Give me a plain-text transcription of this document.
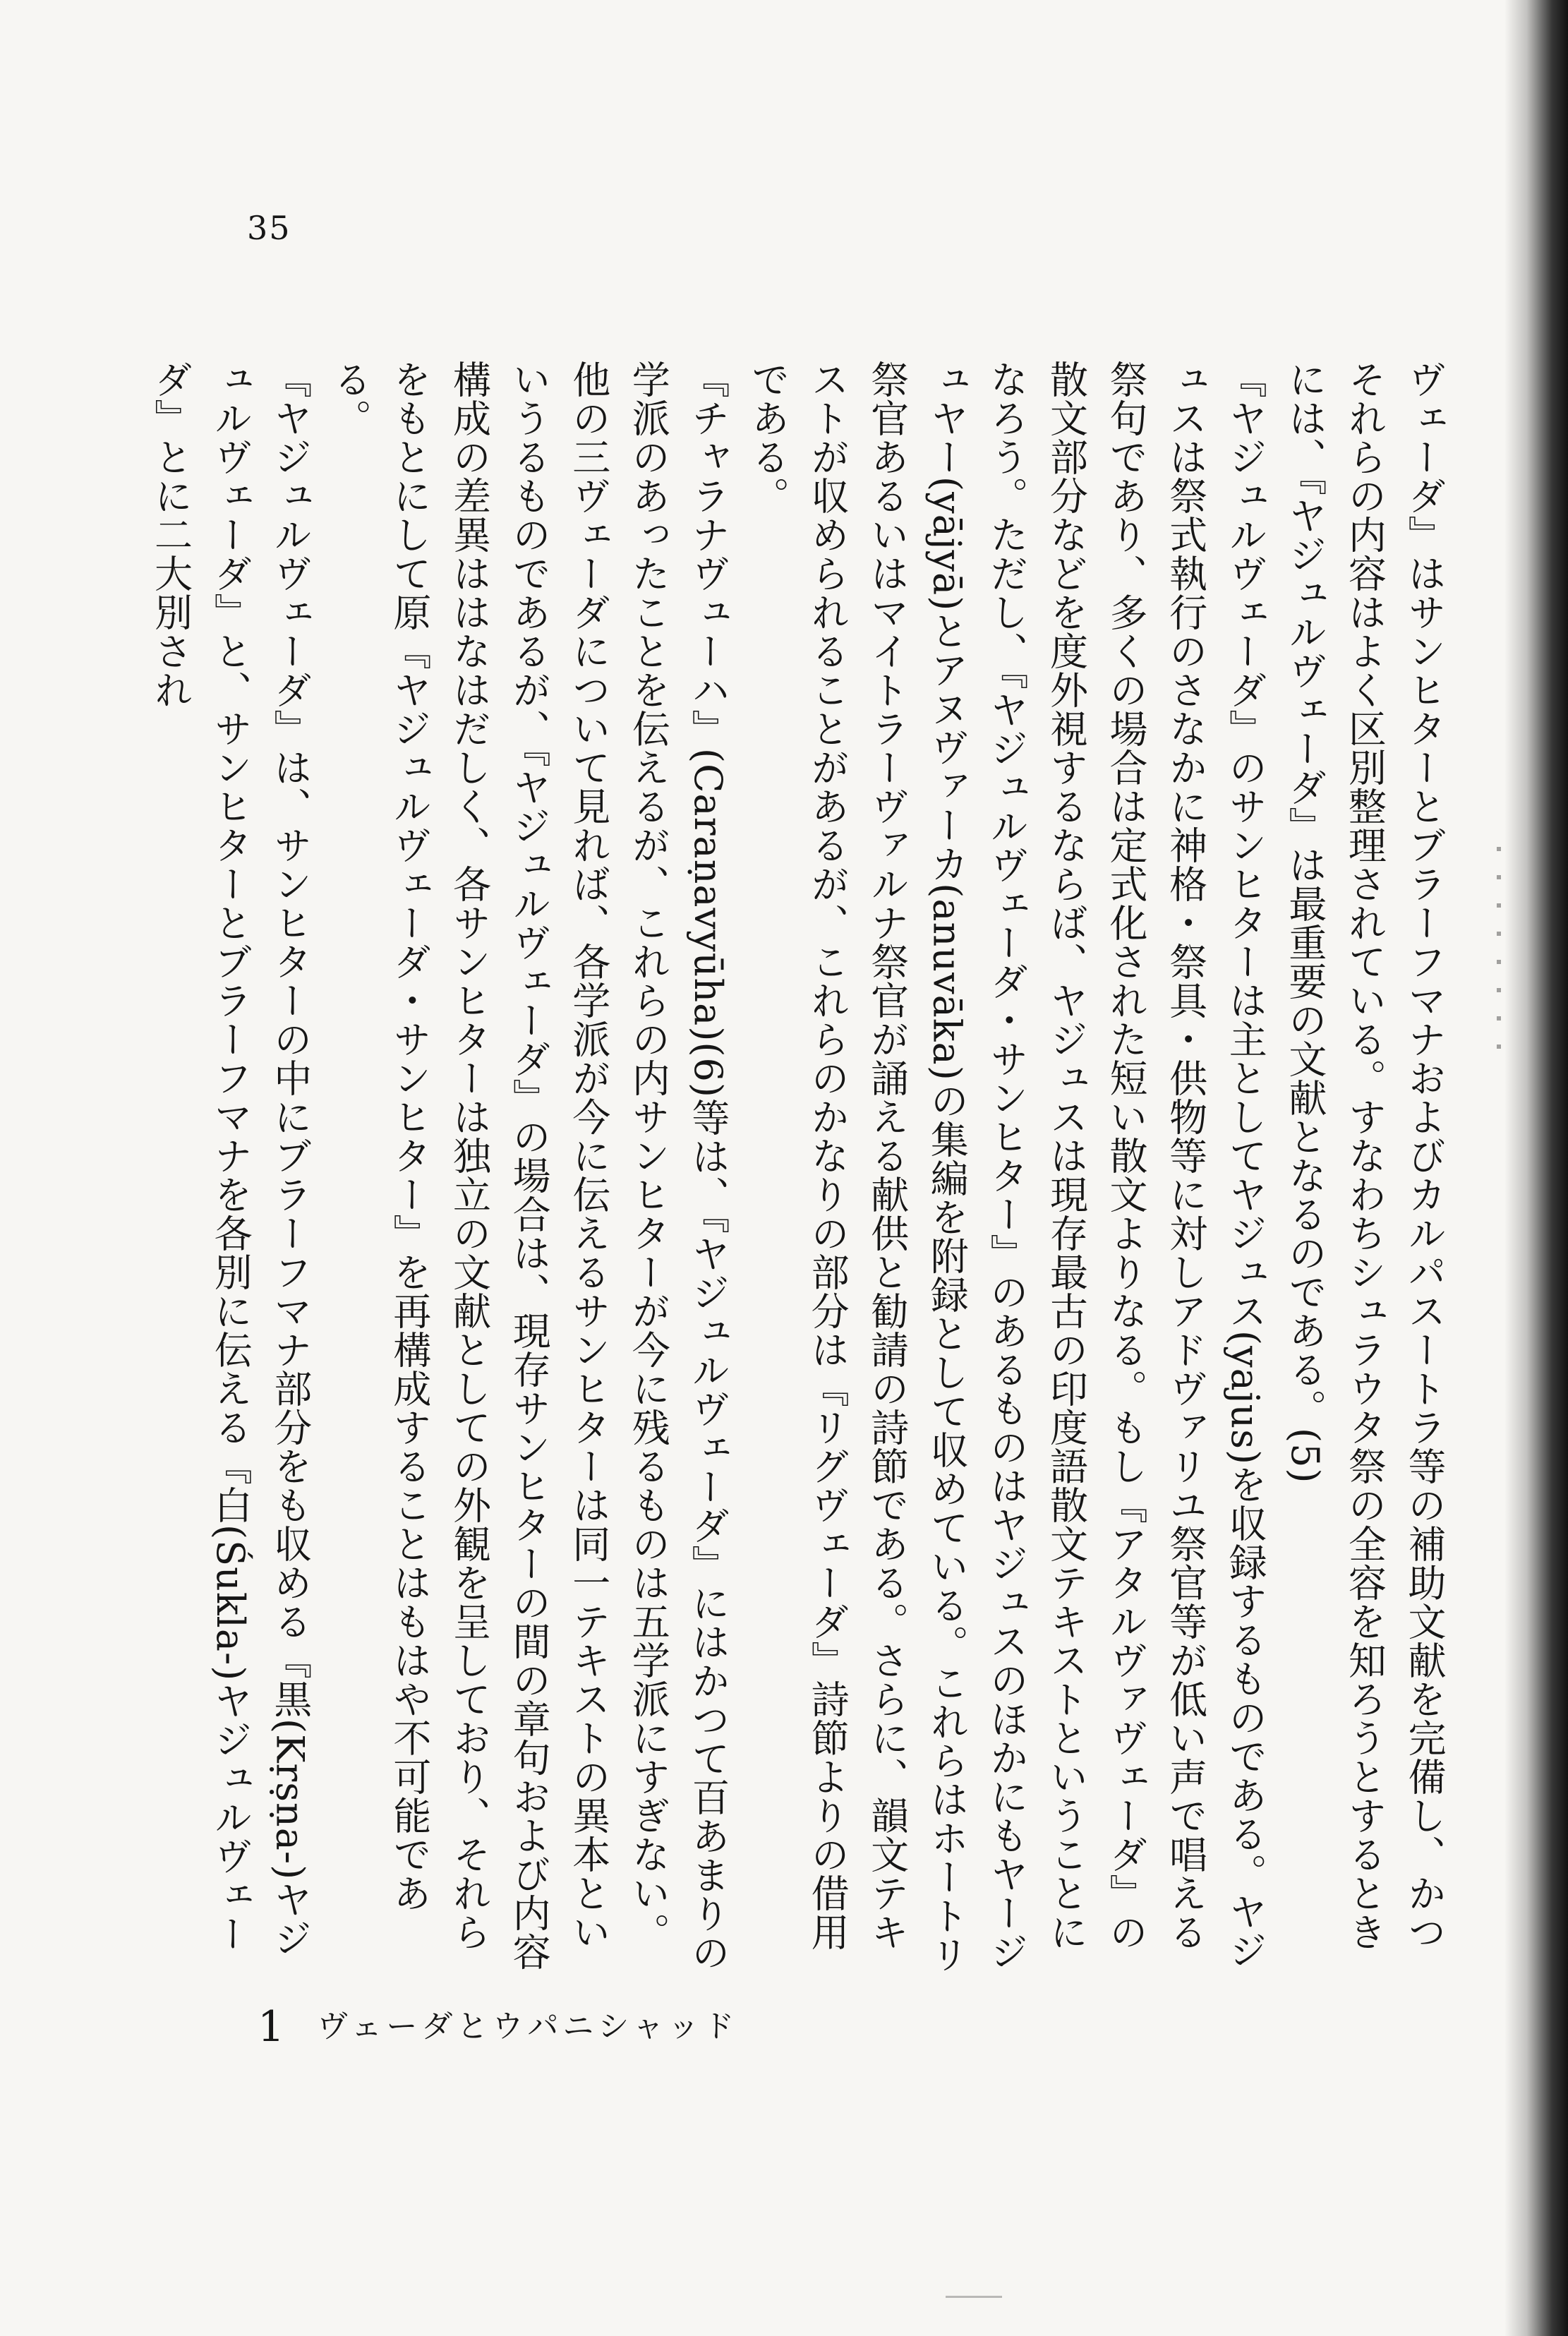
35

ヴェーダ』はサンヒターとブラーフマナおよびカルパスートラ等の補助文献を完備し、かつそれらの内容はよく区別整理されている。すなわちシュラウタ祭の全容を知ろうとするときには、『ヤジュルヴェーダ』は最重要の文献となるのである。(5)

『ヤジュルヴェーダ』のサンヒターは主としてヤジュス(yajus)を収録するものである。ヤジュスは祭式執行のさなかに神格・祭具・供物等に対しアドヴァリユ祭官等が低い声で唱える祭句であり、多くの場合は定式化された短い散文よりなる。もし『アタルヴァヴェーダ』の散文部分などを度外視するならば、ヤジュスは現存最古の印度語散文テキストということになろう。ただし、『ヤジュルヴェーダ・サンヒター』のあるものはヤジュスのほかにもヤージュヤー(yājyā)とアヌヴァーカ(anuvāka)の集編を附録として収めている。これらはホートリ祭官あるいはマイトラーヴァルナ祭官が誦える献供と勧請の詩節である。さらに、韻文テキストが収められることがあるが、これらのかなりの部分は『リグヴェーダ』詩節よりの借用である。

『チャラナヴューハ』(Caraṇavyūha)(6)等は、『ヤジュルヴェーダ』にはかつて百あまりの学派のあったことを伝えるが、これらの内サンヒターが今に残るものは五学派にすぎない。他の三ヴェーダについて見れば、各学派が今に伝えるサンヒターは同一テキストの異本といいうるものであるが、『ヤジュルヴェーダ』の場合は、現存サンヒターの間の章句および内容構成の差異ははなはだしく、各サンヒターは独立の文献としての外観を呈しており、それらをもとにして原『ヤジュルヴェーダ・サンヒター』を再構成することはもはや不可能である。

『ヤジュルヴェーダ』は、サンヒターの中にブラーフマナ部分をも収める『黒(Kṛṣṇa-)ヤジュルヴェーダ』と、サンヒターとブラーフマナを各別に伝える『白(Śukla-)ヤジュルヴェーダ』とに二大別され

1 ヴェーダとウパニシャッド
